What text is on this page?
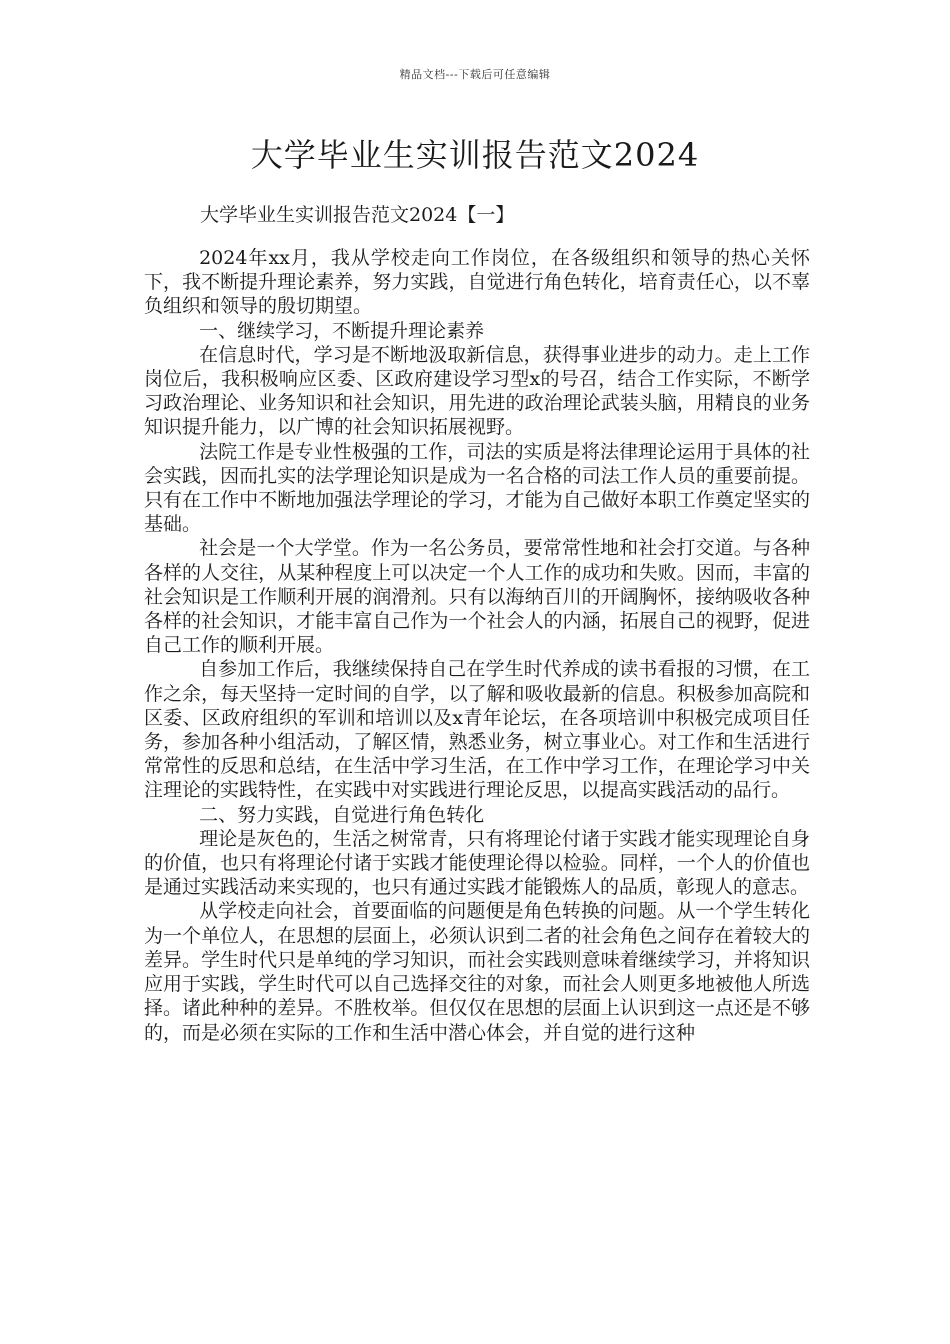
精品文档---下载后可任意编辑
大学毕业生实训报告范文2024
大学毕业生实训报告范文2024【一】

2024年xx月，我从学校走向工作岗位，在各级组织和领导的热心关怀下，我不断提升理论素养，努力实践，自觉进行角色转化，培育责任心，以不辜负组织和领导的殷切期望。

一、继续学习，不断提升理论素养

在信息时代，学习是不断地汲取新信息，获得事业进步的动力。走上工作岗位后，我积极响应区委、区政府建设学习型x的号召，结合工作实际，不断学习政治理论、业务知识和社会知识，用先进的政治理论武装头脑，用精良的业务知识提升能力，以广博的社会知识拓展视野。

法院工作是专业性极强的工作，司法的实质是将法律理论运用于具体的社会实践，因而扎实的法学理论知识是成为一名合格的司法工作人员的重要前提。只有在工作中不断地加强法学理论的学习，才能为自己做好本职工作奠定坚实的基础。

社会是一个大学堂。作为一名公务员，要常常性地和社会打交道。与各种各样的人交往，从某种程度上可以决定一个人工作的成功和失败。因而，丰富的社会知识是工作顺利开展的润滑剂。只有以海纳百川的开阔胸怀，接纳吸收各种各样的社会知识，才能丰富自己作为一个社会人的内涵，拓展自己的视野，促进自己工作的顺利开展。

自参加工作后，我继续保持自己在学生时代养成的读书看报的习惯，在工作之余，每天坚持一定时间的自学，以了解和吸收最新的信息。积极参加高院和区委、区政府组织的军训和培训以及x青年论坛，在各项培训中积极完成项目任务，参加各种小组活动，了解区情，熟悉业务，树立事业心。对工作和生活进行常常性的反思和总结，在生活中学习生活，在工作中学习工作，在理论学习中关注理论的实践特性，在实践中对实践进行理论反思，以提高实践活动的品行。

二、努力实践，自觉进行角色转化

理论是灰色的，生活之树常青，只有将理论付诸于实践才能实现理论自身的价值，也只有将理论付诸于实践才能使理论得以检验。同样，一个人的价值也是通过实践活动来实现的，也只有通过实践才能锻炼人的品质，彰现人的意志。

从学校走向社会，首要面临的问题便是角色转换的问题。从一个学生转化为一个单位人，在思想的层面上，必须认识到二者的社会角色之间存在着较大的差异。学生时代只是单纯的学习知识，而社会实践则意味着继续学习，并将知识应用于实践，学生时代可以自己选择交往的对象，而社会人则更多地被他人所选择。诸此种种的差异。不胜枚举。但仅仅在思想的层面上认识到这一点还是不够的，而是必须在实际的工作和生活中潜心体会，并自觉的进行这种
